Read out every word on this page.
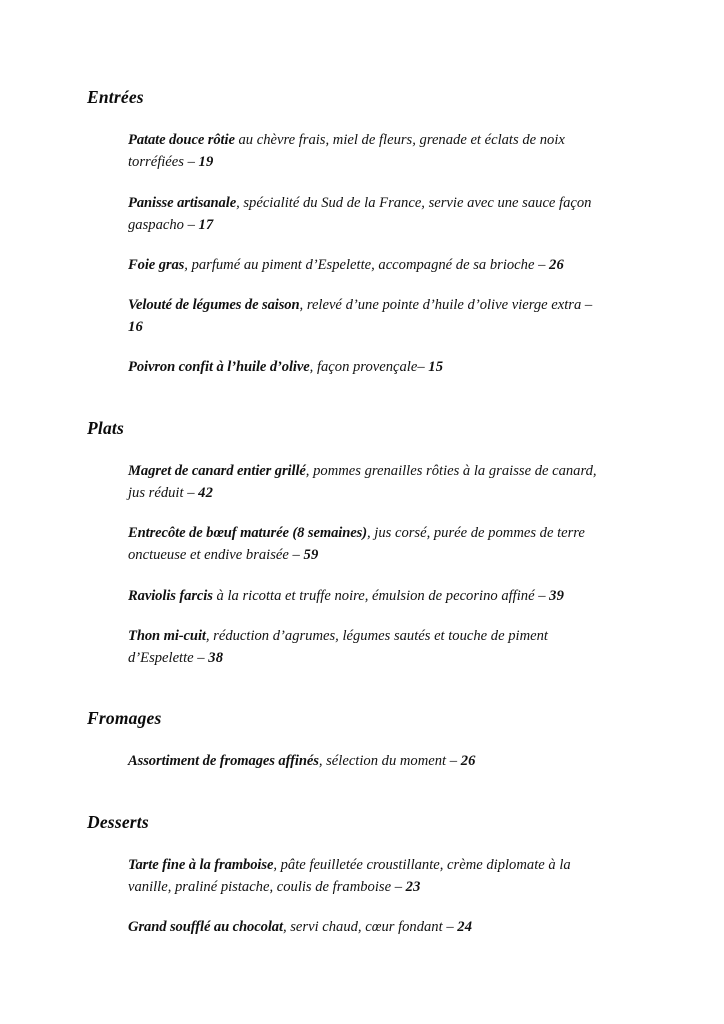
Entrées
Patate douce rôtie au chèvre frais, miel de fleurs, grenade et éclats de noix torréfiées – 19
Panisse artisanale, spécialité du Sud de la France, servie avec une sauce façon gaspacho – 17
Foie gras, parfumé au piment d’Espelette, accompagné de sa brioche – 26
Velouté de légumes de saison, relevé d’une pointe d’huile d’olive vierge extra – 16
Poivron confit à l’huile d’olive, façon provençale– 15
Plats
Magret de canard entier grillé, pommes grenailles rôties à la graisse de canard, jus réduit – 42
Entrecôte de bœuf maturée (8 semaines), jus corsé, purée de pommes de terre onctueuse et endive braisée – 59
Raviolis farcis à la ricotta et truffe noire, émulsion de pecorino affiné – 39
Thon mi-cuit, réduction d’agrumes, légumes sautés et touche de piment d’Espelette – 38
Fromages
Assortiment de fromages affinés, sélection du moment – 26
Desserts
Tarte fine à la framboise, pâte feuilletée croustillante, crème diplomate à la vanille, praliné pistache, coulis de framboise – 23
Grand soufflé au chocolat, servi chaud, cœur fondant – 24
